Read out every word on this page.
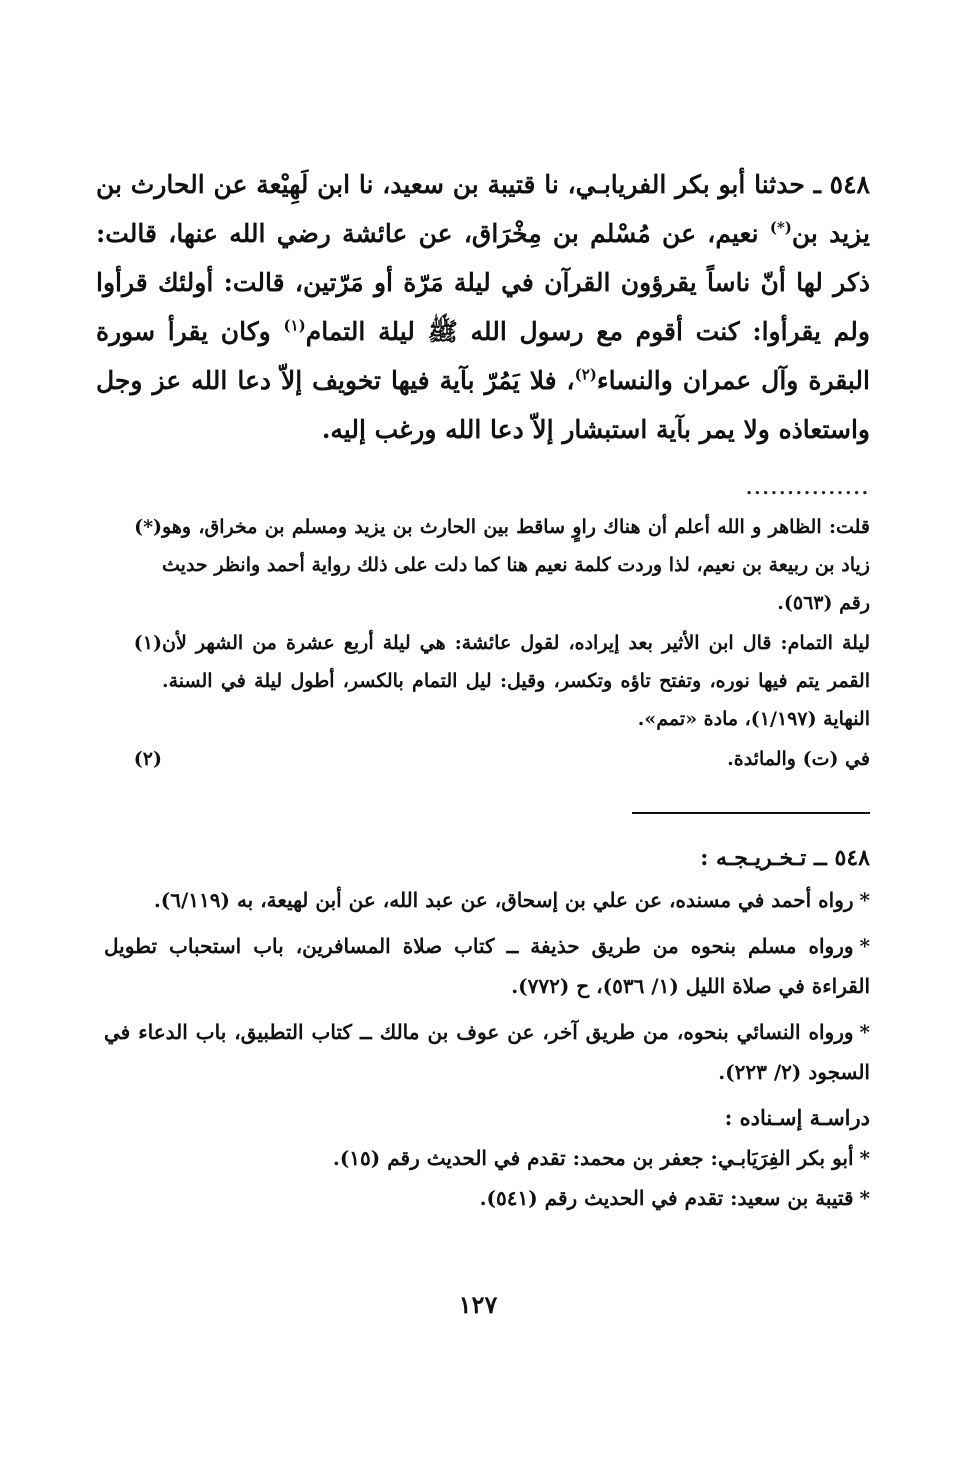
٥٤٨ ـ حدثنا أبو بكر الفريابـي، نا قتيبة بن سعيد، نا ابن لَهِيْعة عن الحارث بن يزيد بن(*) نعيم، عن مُسْلم بن مِخْرَاق، عن عائشة رضي الله عنها، قالت: ذكر لها أنّ ناساً يقرؤون القرآن في ليلة مَرّة أو مَرّتين، قالت: أولئك قرأوا ولم يقرأوا: كنت أقوم مع رسول الله ﷺ ليلة التمام$^{(١)}$ وكان يقرأ سورة البقرة وآل عمران والنساء$^{(٢)}$، فلا يَمُرّ بآية فيها تخويف إلاّ دعا الله عز وجل واستعاذه ولا يمر بآية استبشار إلاّ دعا الله ورغب إليه.
...............
(*) قلت: الظاهر و الله أعلم أن هناك راوٍ ساقط بين الحارث بن يزيد ومسلم بن مخراق، وهو زياد بن ربيعة بن نعيم، لذا وردت كلمة نعيم هنا كما دلت على ذلك رواية أحمد وانظر حديث رقم (٥٦٣).
(١) ليلة التمام: قال ابن الأثير بعد إيراده، لقول عائشة: هي ليلة أربع عشرة من الشهر لأن القمر يتم فيها نوره، وتفتح تاؤه وتكسر، وقيل: ليل التمام بالكسر، أطول ليلة في السنة. النهاية (١/١٩٧)، مادة «تمم».
(٢)	في (ت) والمائدة.
٥٤٨ ــ تـخـريـجـه :
*رواه أحمد في مسنده، عن علي بن إسحاق، عن عبد الله، عن أبن لهيعة، به (٦/١١٩).
*ورواه مسلم بنحوه من طريق حذيفة ــ كتاب صلاة المسافرين، باب استحباب تطويل القراءة في صلاة الليل (١/ ٥٣٦)، ح (٧٧٢).
*ورواه النسائي بنحوه، من طريق آخر، عن عوف بن مالك ــ كتاب التطبيق، باب الدعاء في السجود (٢/ ٢٢٣).
دراسـة إسـناده :
*أبو بكر الفِرَيَابـي: جعفر بن محمد: تقدم في الحديث رقم (١٥).
*قتيبة بن سعيد: تقدم في الحديث رقم (٥٤١).
١٢٧
